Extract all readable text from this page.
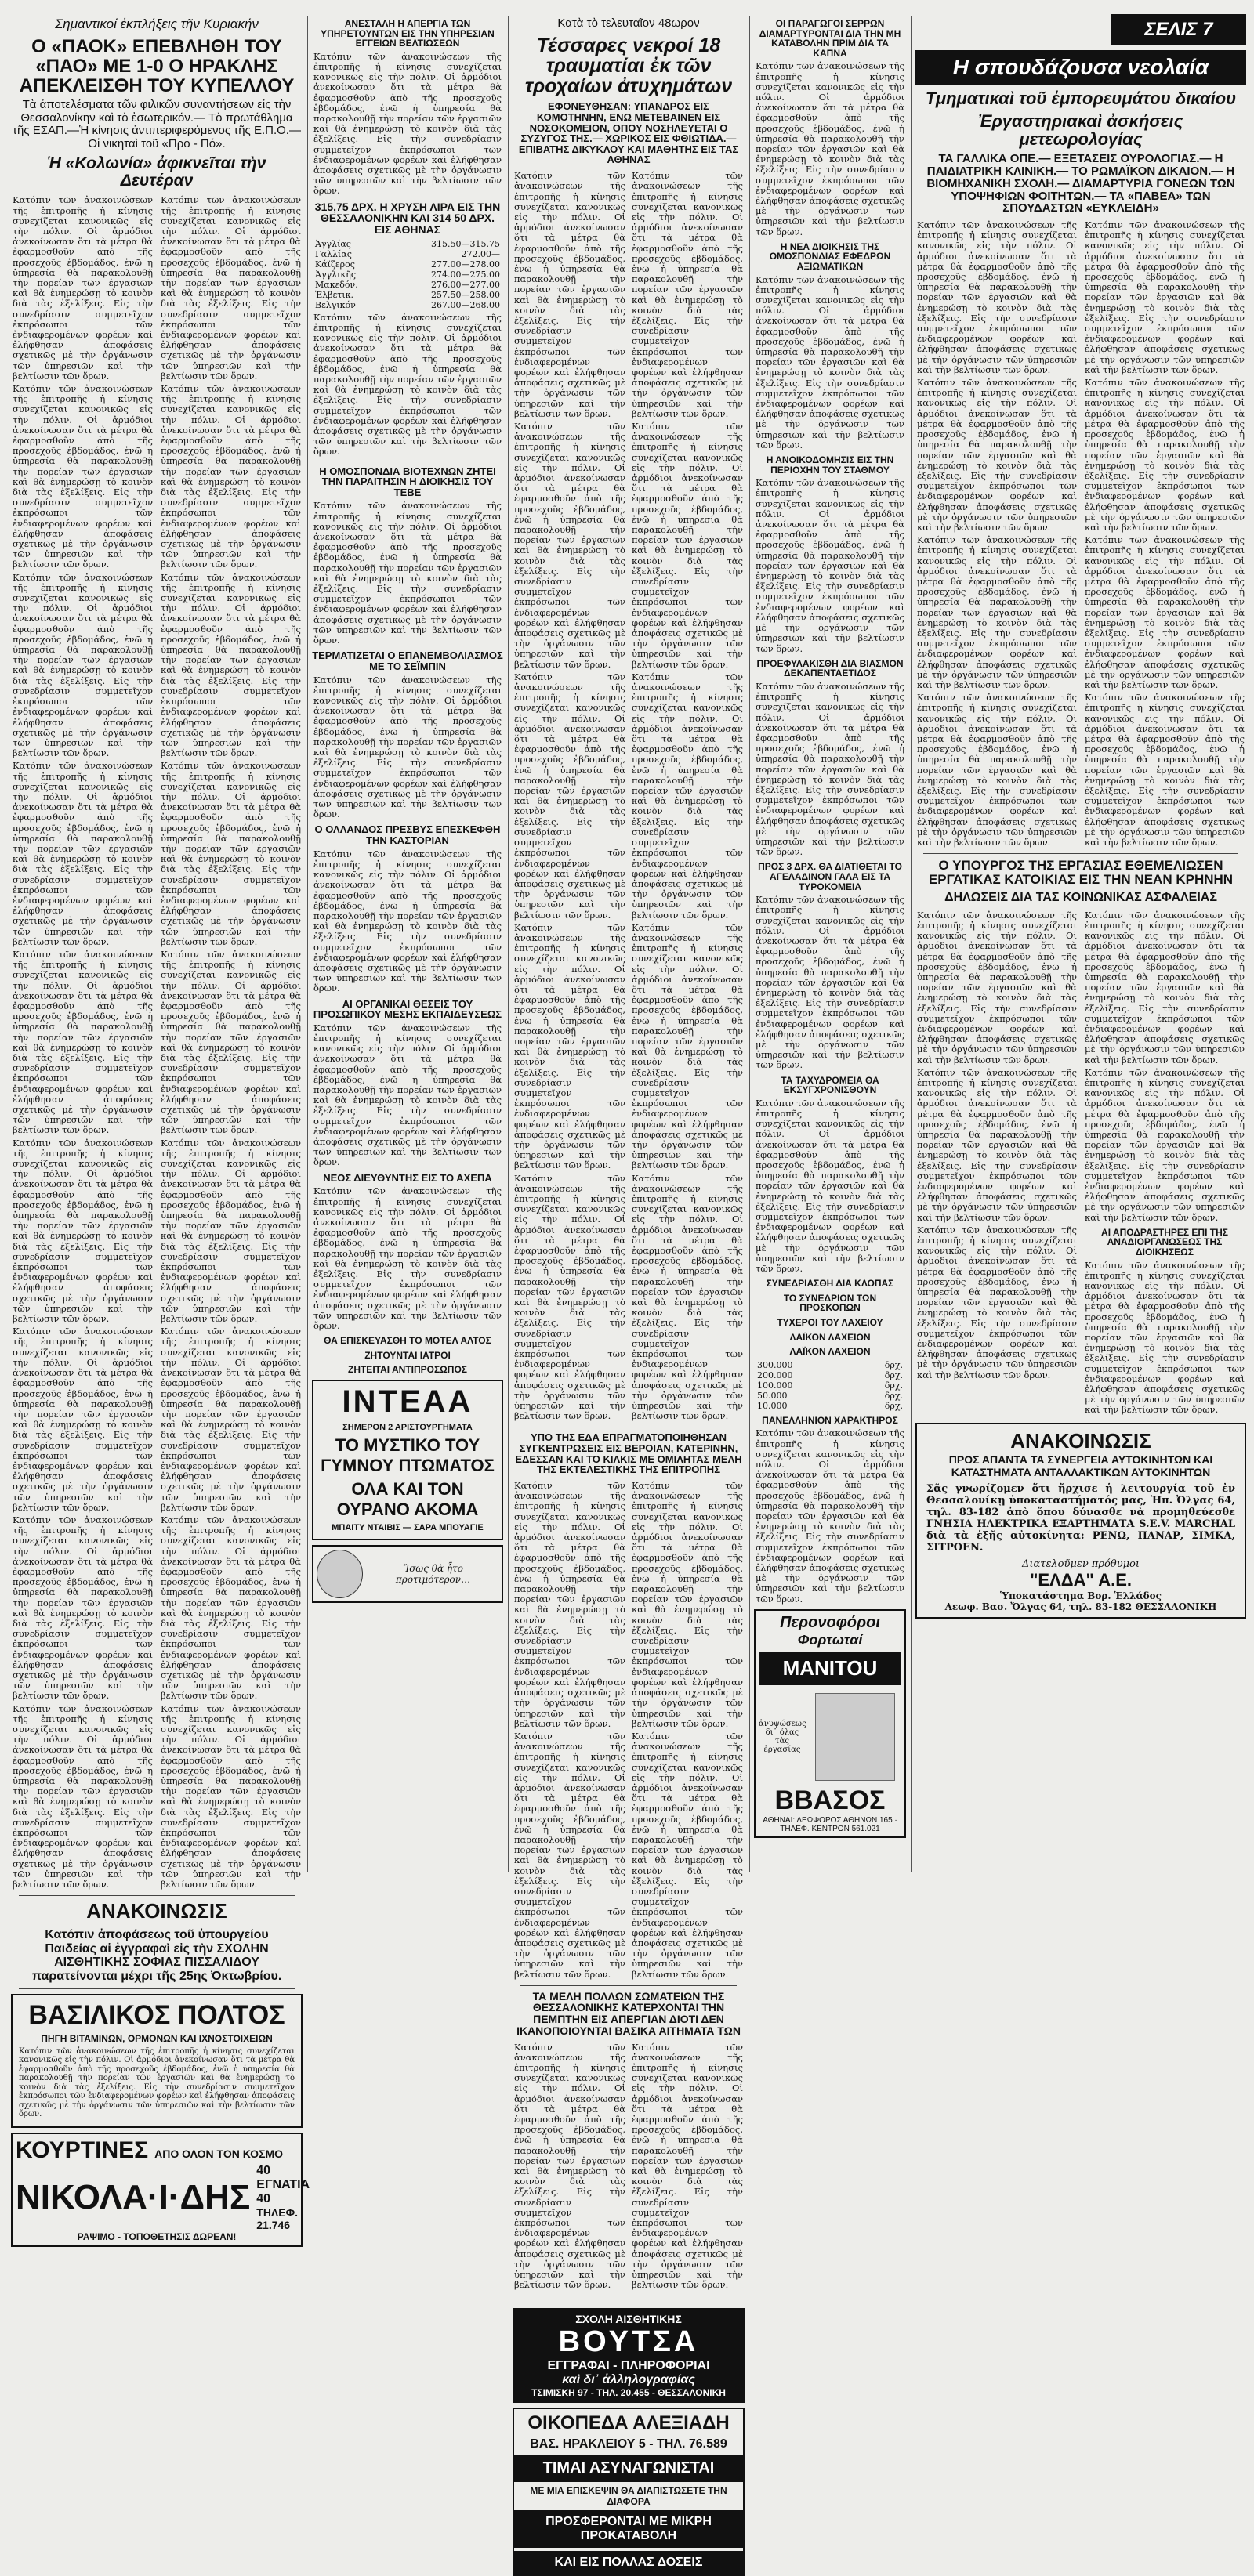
Σημαντικοί ἐκπλήξεις τῆν Κυριακήν
Ο «ΠΑΟΚ» ΕΠΕΒΛΗΘΗ ΤΟΥ «ΠΑΟ» ΜΕ 1-0 Ο ΗΡΑΚΛΗΣ ΑΠΕΚΛΕΙΣΘΗ ΤΟΥ ΚΥΠΕΛΛΟΥ
Τὰ ἀποτελέσματα τῶν φιλικῶν συναντήσεων εἰς τὴν Θεσσαλονίκην καὶ τὸ ἐσωτερικόν.— Τὸ πρωτάθλημα τῆς ΕΣΑΠ.—Ἡ κίνησις ἀντιπεριφερόμενος τῆς Ε.Π.Ο.— Οἱ νικηταὶ τοῦ «Προ - Πό».
Ἡ «Κολωνία» ἀφικνεῖται τὴν Δευτέραν

Κατόπιν τῶν ἀνακοινώσεων τῆς ἐπιτροπῆς ἡ κίνησις συνεχίζεται κανονικῶς εἰς τὴν πόλιν. Οἱ ἀρμόδιοι ἀνεκοίνωσαν ὅτι τὰ μέτρα θὰ ἐφαρμοσθοῦν ἀπὸ τῆς προσεχοῦς ἑβδομάδος, ἐνῶ ἡ ὑπηρεσία θὰ παρακολουθῇ τὴν πορείαν τῶν ἐργασιῶν καὶ θὰ ἐνημερώσῃ τὸ κοινὸν διὰ τὰς ἐξελίξεις. Εἰς τὴν συνεδρίασιν συμμετεῖχον ἐκπρόσωποι τῶν ἐνδιαφερομένων φορέων καὶ ἐλήφθησαν ἀποφάσεις σχετικῶς μὲ τὴν ὀργάνωσιν τῶν ὑπηρεσιῶν καὶ τὴν βελτίωσιν τῶν ὅρων.

Κατόπιν τῶν ἀνακοινώσεων τῆς ἐπιτροπῆς ἡ κίνησις συνεχίζεται κανονικῶς εἰς τὴν πόλιν. Οἱ ἀρμόδιοι ἀνεκοίνωσαν ὅτι τὰ μέτρα θὰ ἐφαρμοσθοῦν ἀπὸ τῆς προσεχοῦς ἑβδομάδος, ἐνῶ ἡ ὑπηρεσία θὰ παρακολουθῇ τὴν πορείαν τῶν ἐργασιῶν καὶ θὰ ἐνημερώσῃ τὸ κοινὸν διὰ τὰς ἐξελίξεις. Εἰς τὴν συνεδρίασιν συμμετεῖχον ἐκπρόσωποι τῶν ἐνδιαφερομένων φορέων καὶ ἐλήφθησαν ἀποφάσεις σχετικῶς μὲ τὴν ὀργάνωσιν τῶν ὑπηρεσιῶν καὶ τὴν βελτίωσιν τῶν ὅρων.

Κατόπιν τῶν ἀνακοινώσεων τῆς ἐπιτροπῆς ἡ κίνησις συνεχίζεται κανονικῶς εἰς τὴν πόλιν. Οἱ ἀρμόδιοι ἀνεκοίνωσαν ὅτι τὰ μέτρα θὰ ἐφαρμοσθοῦν ἀπὸ τῆς προσεχοῦς ἑβδομάδος, ἐνῶ ἡ ὑπηρεσία θὰ παρακολουθῇ τὴν πορείαν τῶν ἐργασιῶν καὶ θὰ ἐνημερώσῃ τὸ κοινὸν διὰ τὰς ἐξελίξεις. Εἰς τὴν συνεδρίασιν συμμετεῖχον ἐκπρόσωποι τῶν ἐνδιαφερομένων φορέων καὶ ἐλήφθησαν ἀποφάσεις σχετικῶς μὲ τὴν ὀργάνωσιν τῶν ὑπηρεσιῶν καὶ τὴν βελτίωσιν τῶν ὅρων.

Κατόπιν τῶν ἀνακοινώσεων τῆς ἐπιτροπῆς ἡ κίνησις συνεχίζεται κανονικῶς εἰς τὴν πόλιν. Οἱ ἀρμόδιοι ἀνεκοίνωσαν ὅτι τὰ μέτρα θὰ ἐφαρμοσθοῦν ἀπὸ τῆς προσεχοῦς ἑβδομάδος, ἐνῶ ἡ ὑπηρεσία θὰ παρακολουθῇ τὴν πορείαν τῶν ἐργασιῶν καὶ θὰ ἐνημερώσῃ τὸ κοινὸν διὰ τὰς ἐξελίξεις. Εἰς τὴν συνεδρίασιν συμμετεῖχον ἐκπρόσωποι τῶν ἐνδιαφερομένων φορέων καὶ ἐλήφθησαν ἀποφάσεις σχετικῶς μὲ τὴν ὀργάνωσιν τῶν ὑπηρεσιῶν καὶ τὴν βελτίωσιν τῶν ὅρων.

Κατόπιν τῶν ἀνακοινώσεων τῆς ἐπιτροπῆς ἡ κίνησις συνεχίζεται κανονικῶς εἰς τὴν πόλιν. Οἱ ἀρμόδιοι ἀνεκοίνωσαν ὅτι τὰ μέτρα θὰ ἐφαρμοσθοῦν ἀπὸ τῆς προσεχοῦς ἑβδομάδος, ἐνῶ ἡ ὑπηρεσία θὰ παρακολουθῇ τὴν πορείαν τῶν ἐργασιῶν καὶ θὰ ἐνημερώσῃ τὸ κοινὸν διὰ τὰς ἐξελίξεις. Εἰς τὴν συνεδρίασιν συμμετεῖχον ἐκπρόσωποι τῶν ἐνδιαφερομένων φορέων καὶ ἐλήφθησαν ἀποφάσεις σχετικῶς μὲ τὴν ὀργάνωσιν τῶν ὑπηρεσιῶν καὶ τὴν βελτίωσιν τῶν ὅρων.

Κατόπιν τῶν ἀνακοινώσεων τῆς ἐπιτροπῆς ἡ κίνησις συνεχίζεται κανονικῶς εἰς τὴν πόλιν. Οἱ ἀρμόδιοι ἀνεκοίνωσαν ὅτι τὰ μέτρα θὰ ἐφαρμοσθοῦν ἀπὸ τῆς προσεχοῦς ἑβδομάδος, ἐνῶ ἡ ὑπηρεσία θὰ παρακολουθῇ τὴν πορείαν τῶν ἐργασιῶν καὶ θὰ ἐνημερώσῃ τὸ κοινὸν διὰ τὰς ἐξελίξεις. Εἰς τὴν συνεδρίασιν συμμετεῖχον ἐκπρόσωποι τῶν ἐνδιαφερομένων φορέων καὶ ἐλήφθησαν ἀποφάσεις σχετικῶς μὲ τὴν ὀργάνωσιν τῶν ὑπηρεσιῶν καὶ τὴν βελτίωσιν τῶν ὅρων.

Κατόπιν τῶν ἀνακοινώσεων τῆς ἐπιτροπῆς ἡ κίνησις συνεχίζεται κανονικῶς εἰς τὴν πόλιν. Οἱ ἀρμόδιοι ἀνεκοίνωσαν ὅτι τὰ μέτρα θὰ ἐφαρμοσθοῦν ἀπὸ τῆς προσεχοῦς ἑβδομάδος, ἐνῶ ἡ ὑπηρεσία θὰ παρακολουθῇ τὴν πορείαν τῶν ἐργασιῶν καὶ θὰ ἐνημερώσῃ τὸ κοινὸν διὰ τὰς ἐξελίξεις. Εἰς τὴν συνεδρίασιν συμμετεῖχον ἐκπρόσωποι τῶν ἐνδιαφερομένων φορέων καὶ ἐλήφθησαν ἀποφάσεις σχετικῶς μὲ τὴν ὀργάνωσιν τῶν ὑπηρεσιῶν καὶ τὴν βελτίωσιν τῶν ὅρων.

Κατόπιν τῶν ἀνακοινώσεων τῆς ἐπιτροπῆς ἡ κίνησις συνεχίζεται κανονικῶς εἰς τὴν πόλιν. Οἱ ἀρμόδιοι ἀνεκοίνωσαν ὅτι τὰ μέτρα θὰ ἐφαρμοσθοῦν ἀπὸ τῆς προσεχοῦς ἑβδομάδος, ἐνῶ ἡ ὑπηρεσία θὰ παρακολουθῇ τὴν πορείαν τῶν ἐργασιῶν καὶ θὰ ἐνημερώσῃ τὸ κοινὸν διὰ τὰς ἐξελίξεις. Εἰς τὴν συνεδρίασιν συμμετεῖχον ἐκπρόσωποι τῶν ἐνδιαφερομένων φορέων καὶ ἐλήφθησαν ἀποφάσεις σχετικῶς μὲ τὴν ὀργάνωσιν τῶν ὑπηρεσιῶν καὶ τὴν βελτίωσιν τῶν ὅρων.

Κατόπιν τῶν ἀνακοινώσεων τῆς ἐπιτροπῆς ἡ κίνησις συνεχίζεται κανονικῶς εἰς τὴν πόλιν. Οἱ ἀρμόδιοι ἀνεκοίνωσαν ὅτι τὰ μέτρα θὰ ἐφαρμοσθοῦν ἀπὸ τῆς προσεχοῦς ἑβδομάδος, ἐνῶ ἡ ὑπηρεσία θὰ παρακολουθῇ τὴν πορείαν τῶν ἐργασιῶν καὶ θὰ ἐνημερώσῃ τὸ κοινὸν διὰ τὰς ἐξελίξεις. Εἰς τὴν συνεδρίασιν συμμετεῖχον ἐκπρόσωποι τῶν ἐνδιαφερομένων φορέων καὶ ἐλήφθησαν ἀποφάσεις σχετικῶς μὲ τὴν ὀργάνωσιν τῶν ὑπηρεσιῶν καὶ τὴν βελτίωσιν τῶν ὅρων.

Κατόπιν τῶν ἀνακοινώσεων τῆς ἐπιτροπῆς ἡ κίνησις συνεχίζεται κανονικῶς εἰς τὴν πόλιν. Οἱ ἀρμόδιοι ἀνεκοίνωσαν ὅτι τὰ μέτρα θὰ ἐφαρμοσθοῦν ἀπὸ τῆς προσεχοῦς ἑβδομάδος, ἐνῶ ἡ ὑπηρεσία θὰ παρακολουθῇ τὴν πορείαν τῶν ἐργασιῶν καὶ θὰ ἐνημερώσῃ τὸ κοινὸν διὰ τὰς ἐξελίξεις. Εἰς τὴν συνεδρίασιν συμμετεῖχον ἐκπρόσωποι τῶν ἐνδιαφερομένων φορέων καὶ ἐλήφθησαν ἀποφάσεις σχετικῶς μὲ τὴν ὀργάνωσιν τῶν ὑπηρεσιῶν καὶ τὴν βελτίωσιν τῶν ὅρων.

Κατόπιν τῶν ἀνακοινώσεων τῆς ἐπιτροπῆς ἡ κίνησις συνεχίζεται κανονικῶς εἰς τὴν πόλιν. Οἱ ἀρμόδιοι ἀνεκοίνωσαν ὅτι τὰ μέτρα θὰ ἐφαρμοσθοῦν ἀπὸ τῆς προσεχοῦς ἑβδομάδος, ἐνῶ ἡ ὑπηρεσία θὰ παρακολουθῇ τὴν πορείαν τῶν ἐργασιῶν καὶ θὰ ἐνημερώσῃ τὸ κοινὸν διὰ τὰς ἐξελίξεις. Εἰς τὴν συνεδρίασιν συμμετεῖχον ἐκπρόσωποι τῶν ἐνδιαφερομένων φορέων καὶ ἐλήφθησαν ἀποφάσεις σχετικῶς μὲ τὴν ὀργάνωσιν τῶν ὑπηρεσιῶν καὶ τὴν βελτίωσιν τῶν ὅρων.

Κατόπιν τῶν ἀνακοινώσεων τῆς ἐπιτροπῆς ἡ κίνησις συνεχίζεται κανονικῶς εἰς τὴν πόλιν. Οἱ ἀρμόδιοι ἀνεκοίνωσαν ὅτι τὰ μέτρα θὰ ἐφαρμοσθοῦν ἀπὸ τῆς προσεχοῦς ἑβδομάδος, ἐνῶ ἡ ὑπηρεσία θὰ παρακολουθῇ τὴν πορείαν τῶν ἐργασιῶν καὶ θὰ ἐνημερώσῃ τὸ κοινὸν διὰ τὰς ἐξελίξεις. Εἰς τὴν συνεδρίασιν συμμετεῖχον ἐκπρόσωποι τῶν ἐνδιαφερομένων φορέων καὶ ἐλήφθησαν ἀποφάσεις σχετικῶς μὲ τὴν ὀργάνωσιν τῶν ὑπηρεσιῶν καὶ τὴν βελτίωσιν τῶν ὅρων.

Κατόπιν τῶν ἀνακοινώσεων τῆς ἐπιτροπῆς ἡ κίνησις συνεχίζεται κανονικῶς εἰς τὴν πόλιν. Οἱ ἀρμόδιοι ἀνεκοίνωσαν ὅτι τὰ μέτρα θὰ ἐφαρμοσθοῦν ἀπὸ τῆς προσεχοῦς ἑβδομάδος, ἐνῶ ἡ ὑπηρεσία θὰ παρακολουθῇ τὴν πορείαν τῶν ἐργασιῶν καὶ θὰ ἐνημερώσῃ τὸ κοινὸν διὰ τὰς ἐξελίξεις. Εἰς τὴν συνεδρίασιν συμμετεῖχον ἐκπρόσωποι τῶν ἐνδιαφερομένων φορέων καὶ ἐλήφθησαν ἀποφάσεις σχετικῶς μὲ τὴν ὀργάνωσιν τῶν ὑπηρεσιῶν καὶ τὴν βελτίωσιν τῶν ὅρων.

Κατόπιν τῶν ἀνακοινώσεων τῆς ἐπιτροπῆς ἡ κίνησις συνεχίζεται κανονικῶς εἰς τὴν πόλιν. Οἱ ἀρμόδιοι ἀνεκοίνωσαν ὅτι τὰ μέτρα θὰ ἐφαρμοσθοῦν ἀπὸ τῆς προσεχοῦς ἑβδομάδος, ἐνῶ ἡ ὑπηρεσία θὰ παρακολουθῇ τὴν πορείαν τῶν ἐργασιῶν καὶ θὰ ἐνημερώσῃ τὸ κοινὸν διὰ τὰς ἐξελίξεις. Εἰς τὴν συνεδρίασιν συμμετεῖχον ἐκπρόσωποι τῶν ἐνδιαφερομένων φορέων καὶ ἐλήφθησαν ἀποφάσεις σχετικῶς μὲ τὴν ὀργάνωσιν τῶν ὑπηρεσιῶν καὶ τὴν βελτίωσιν τῶν ὅρων.

Κατόπιν τῶν ἀνακοινώσεων τῆς ἐπιτροπῆς ἡ κίνησις συνεχίζεται κανονικῶς εἰς τὴν πόλιν. Οἱ ἀρμόδιοι ἀνεκοίνωσαν ὅτι τὰ μέτρα θὰ ἐφαρμοσθοῦν ἀπὸ τῆς προσεχοῦς ἑβδομάδος, ἐνῶ ἡ ὑπηρεσία θὰ παρακολουθῇ τὴν πορείαν τῶν ἐργασιῶν καὶ θὰ ἐνημερώσῃ τὸ κοινὸν διὰ τὰς ἐξελίξεις. Εἰς τὴν συνεδρίασιν συμμετεῖχον ἐκπρόσωποι τῶν ἐνδιαφερομένων φορέων καὶ ἐλήφθησαν ἀποφάσεις σχετικῶς μὲ τὴν ὀργάνωσιν τῶν ὑπηρεσιῶν καὶ τὴν βελτίωσιν τῶν ὅρων.

Κατόπιν τῶν ἀνακοινώσεων τῆς ἐπιτροπῆς ἡ κίνησις συνεχίζεται κανονικῶς εἰς τὴν πόλιν. Οἱ ἀρμόδιοι ἀνεκοίνωσαν ὅτι τὰ μέτρα θὰ ἐφαρμοσθοῦν ἀπὸ τῆς προσεχοῦς ἑβδομάδος, ἐνῶ ἡ ὑπηρεσία θὰ παρακολουθῇ τὴν πορείαν τῶν ἐργασιῶν καὶ θὰ ἐνημερώσῃ τὸ κοινὸν διὰ τὰς ἐξελίξεις. Εἰς τὴν συνεδρίασιν συμμετεῖχον ἐκπρόσωποι τῶν ἐνδιαφερομένων φορέων καὶ ἐλήφθησαν ἀποφάσεις σχετικῶς μὲ τὴν ὀργάνωσιν τῶν ὑπηρεσιῶν καὶ τὴν βελτίωσιν τῶν ὅρων.

Κατόπιν τῶν ἀνακοινώσεων τῆς ἐπιτροπῆς ἡ κίνησις συνεχίζεται κανονικῶς εἰς τὴν πόλιν. Οἱ ἀρμόδιοι ἀνεκοίνωσαν ὅτι τὰ μέτρα θὰ ἐφαρμοσθοῦν ἀπὸ τῆς προσεχοῦς ἑβδομάδος, ἐνῶ ἡ ὑπηρεσία θὰ παρακολουθῇ τὴν πορείαν τῶν ἐργασιῶν καὶ θὰ ἐνημερώσῃ τὸ κοινὸν διὰ τὰς ἐξελίξεις. Εἰς τὴν συνεδρίασιν συμμετεῖχον ἐκπρόσωποι τῶν ἐνδιαφερομένων φορέων καὶ ἐλήφθησαν ἀποφάσεις σχετικῶς μὲ τὴν ὀργάνωσιν τῶν ὑπηρεσιῶν καὶ τὴν βελτίωσιν τῶν ὅρων.

Κατόπιν τῶν ἀνακοινώσεων τῆς ἐπιτροπῆς ἡ κίνησις συνεχίζεται κανονικῶς εἰς τὴν πόλιν. Οἱ ἀρμόδιοι ἀνεκοίνωσαν ὅτι τὰ μέτρα θὰ ἐφαρμοσθοῦν ἀπὸ τῆς προσεχοῦς ἑβδομάδος, ἐνῶ ἡ ὑπηρεσία θὰ παρακολουθῇ τὴν πορείαν τῶν ἐργασιῶν καὶ θὰ ἐνημερώσῃ τὸ κοινὸν διὰ τὰς ἐξελίξεις. Εἰς τὴν συνεδρίασιν συμμετεῖχον ἐκπρόσωποι τῶν ἐνδιαφερομένων φορέων καὶ ἐλήφθησαν ἀποφάσεις σχετικῶς μὲ τὴν ὀργάνωσιν τῶν ὑπηρεσιῶν καὶ τὴν βελτίωσιν τῶν ὅρων.

ΑΝΑΚΟΙΝΩΣΙΣ
Κατόπιν ἀποφάσεως τοῦ ὑπουργείου Παιδείας αἱ ἐγγραφαὶ εἰς τὴν ΣΧΟΛΗΝ ΑΙΣΘΗΤΙΚΗΣ ΣΟΦΙΑΣ ΠΙΣΣΑΛΙΔΟΥ παρατείνονται μέχρι τῆς 25ης Ὀκτωβρίου.
ΒΑΣΙΛΙΚΟΣ ΠΟΛΤΟΣ
ΠΗΓΗ ΒΙΤΑΜΙΝΩΝ, ΟΡΜΟΝΩΝ ΚΑΙ ΙΧΝΟΣΤΟΙΧΕΙΩΝ

Κατόπιν τῶν ἀνακοινώσεων τῆς ἐπιτροπῆς ἡ κίνησις συνεχίζεται κανονικῶς εἰς τὴν πόλιν. Οἱ ἀρμόδιοι ἀνεκοίνωσαν ὅτι τὰ μέτρα θὰ ἐφαρμοσθοῦν ἀπὸ τῆς προσεχοῦς ἑβδομάδος, ἐνῶ ἡ ὑπηρεσία θὰ παρακολουθῇ τὴν πορείαν τῶν ἐργασιῶν καὶ θὰ ἐνημερώσῃ τὸ κοινὸν διὰ τὰς ἐξελίξεις. Εἰς τὴν συνεδρίασιν συμμετεῖχον ἐκπρόσωποι τῶν ἐνδιαφερομένων φορέων καὶ ἐλήφθησαν ἀποφάσεις σχετικῶς μὲ τὴν ὀργάνωσιν τῶν ὑπηρεσιῶν καὶ τὴν βελτίωσιν τῶν ὅρων.

ΚΟΥΡΤΙΝΕΣ ΑΠΟ ΟΛΟΝ ΤΟΝ ΚΟΣΜΟ
ΝΙΚΟΛΑ·Ι·ΔΗΣ
40 ΕΓΝΑΤΙΑ 40
ΤΗΛΕΦ. 21.746
ΡΑΨΙΜΟ - ΤΟΠΟΘΕΤΗΣΙΣ ΔΩΡΕΑΝ!
ΑΝΕΣΤΑΛΗ Η ΑΠΕΡΓΙΑ ΤΩΝ ΥΠΗΡΕΤΟΥΝΤΩΝ ΕΙΣ ΤΗΝ ΥΠΗΡΕΣΙΑΝ ΕΓΓΕΙΩΝ ΒΕΛΤΙΩΣΕΩΝ

Κατόπιν τῶν ἀνακοινώσεων τῆς ἐπιτροπῆς ἡ κίνησις συνεχίζεται κανονικῶς εἰς τὴν πόλιν. Οἱ ἀρμόδιοι ἀνεκοίνωσαν ὅτι τὰ μέτρα θὰ ἐφαρμοσθοῦν ἀπὸ τῆς προσεχοῦς ἑβδομάδος, ἐνῶ ἡ ὑπηρεσία θὰ παρακολουθῇ τὴν πορείαν τῶν ἐργασιῶν καὶ θὰ ἐνημερώσῃ τὸ κοινὸν διὰ τὰς ἐξελίξεις. Εἰς τὴν συνεδρίασιν συμμετεῖχον ἐκπρόσωποι τῶν ἐνδιαφερομένων φορέων καὶ ἐλήφθησαν ἀποφάσεις σχετικῶς μὲ τὴν ὀργάνωσιν τῶν ὑπηρεσιῶν καὶ τὴν βελτίωσιν τῶν ὅρων.

315,75 ΔΡΧ. Η ΧΡΥΣΗ ΛΙΡΑ ΕΙΣ ΤΗΝ ΘΕΣΣΑΛΟΝΙΚΗΝ ΚΑΙ 314 50 ΔΡΧ. ΕΙΣ ΑΘΗΝΑΣ
Ἀγγλίας	315.50—315.75
Γαλλίας	272.00—
Κάϊζερος	277.00—278.00
Ἀγγλικῆς	274.00—275.00
Μακεδόν.	276.00—277.00
Ἑλβετικ.	257.50—258.00
Βελγικόν	267.00—268.00

Κατόπιν τῶν ἀνακοινώσεων τῆς ἐπιτροπῆς ἡ κίνησις συνεχίζεται κανονικῶς εἰς τὴν πόλιν. Οἱ ἀρμόδιοι ἀνεκοίνωσαν ὅτι τὰ μέτρα θὰ ἐφαρμοσθοῦν ἀπὸ τῆς προσεχοῦς ἑβδομάδος, ἐνῶ ἡ ὑπηρεσία θὰ παρακολουθῇ τὴν πορείαν τῶν ἐργασιῶν καὶ θὰ ἐνημερώσῃ τὸ κοινὸν διὰ τὰς ἐξελίξεις. Εἰς τὴν συνεδρίασιν συμμετεῖχον ἐκπρόσωποι τῶν ἐνδιαφερομένων φορέων καὶ ἐλήφθησαν ἀποφάσεις σχετικῶς μὲ τὴν ὀργάνωσιν τῶν ὑπηρεσιῶν καὶ τὴν βελτίωσιν τῶν ὅρων.

Η ΟΜΟΣΠΟΝΔΙΑ ΒΙΟΤΕΧΝΩΝ ΖΗΤΕΙ ΤΗΝ ΠΑΡΑΙΤΗΣΙΝ Η ΔΙΟΙΚΗΣΙΣ ΤΟΥ ΤΕΒΕ

Κατόπιν τῶν ἀνακοινώσεων τῆς ἐπιτροπῆς ἡ κίνησις συνεχίζεται κανονικῶς εἰς τὴν πόλιν. Οἱ ἀρμόδιοι ἀνεκοίνωσαν ὅτι τὰ μέτρα θὰ ἐφαρμοσθοῦν ἀπὸ τῆς προσεχοῦς ἑβδομάδος, ἐνῶ ἡ ὑπηρεσία θὰ παρακολουθῇ τὴν πορείαν τῶν ἐργασιῶν καὶ θὰ ἐνημερώσῃ τὸ κοινὸν διὰ τὰς ἐξελίξεις. Εἰς τὴν συνεδρίασιν συμμετεῖχον ἐκπρόσωποι τῶν ἐνδιαφερομένων φορέων καὶ ἐλήφθησαν ἀποφάσεις σχετικῶς μὲ τὴν ὀργάνωσιν τῶν ὑπηρεσιῶν καὶ τὴν βελτίωσιν τῶν ὅρων.

ΤΕΡΜΑΤΙΖΕΤΑΙ Ο ΕΠΑΝΕΜΒΟΛΙΑΣΜΟΣ ΜΕ ΤΟ ΣΕΪΜΠΙΝ

Κατόπιν τῶν ἀνακοινώσεων τῆς ἐπιτροπῆς ἡ κίνησις συνεχίζεται κανονικῶς εἰς τὴν πόλιν. Οἱ ἀρμόδιοι ἀνεκοίνωσαν ὅτι τὰ μέτρα θὰ ἐφαρμοσθοῦν ἀπὸ τῆς προσεχοῦς ἑβδομάδος, ἐνῶ ἡ ὑπηρεσία θὰ παρακολουθῇ τὴν πορείαν τῶν ἐργασιῶν καὶ θὰ ἐνημερώσῃ τὸ κοινὸν διὰ τὰς ἐξελίξεις. Εἰς τὴν συνεδρίασιν συμμετεῖχον ἐκπρόσωποι τῶν ἐνδιαφερομένων φορέων καὶ ἐλήφθησαν ἀποφάσεις σχετικῶς μὲ τὴν ὀργάνωσιν τῶν ὑπηρεσιῶν καὶ τὴν βελτίωσιν τῶν ὅρων.

Ο ΟΛΛΑΝΔΟΣ ΠΡΕΣΒΥΣ ΕΠΕΣΚΕΦΘΗ ΤΗΝ ΚΑΣΤΟΡΙΑΝ

Κατόπιν τῶν ἀνακοινώσεων τῆς ἐπιτροπῆς ἡ κίνησις συνεχίζεται κανονικῶς εἰς τὴν πόλιν. Οἱ ἀρμόδιοι ἀνεκοίνωσαν ὅτι τὰ μέτρα θὰ ἐφαρμοσθοῦν ἀπὸ τῆς προσεχοῦς ἑβδομάδος, ἐνῶ ἡ ὑπηρεσία θὰ παρακολουθῇ τὴν πορείαν τῶν ἐργασιῶν καὶ θὰ ἐνημερώσῃ τὸ κοινὸν διὰ τὰς ἐξελίξεις. Εἰς τὴν συνεδρίασιν συμμετεῖχον ἐκπρόσωποι τῶν ἐνδιαφερομένων φορέων καὶ ἐλήφθησαν ἀποφάσεις σχετικῶς μὲ τὴν ὀργάνωσιν τῶν ὑπηρεσιῶν καὶ τὴν βελτίωσιν τῶν ὅρων.

ΑΙ ΟΡΓΑΝΙΚΑΙ ΘΕΣΕΙΣ ΤΟΥ ΠΡΟΣΩΠΙΚΟΥ ΜΕΣΗΣ ΕΚΠΑΙΔΕΥΣΕΩΣ

Κατόπιν τῶν ἀνακοινώσεων τῆς ἐπιτροπῆς ἡ κίνησις συνεχίζεται κανονικῶς εἰς τὴν πόλιν. Οἱ ἀρμόδιοι ἀνεκοίνωσαν ὅτι τὰ μέτρα θὰ ἐφαρμοσθοῦν ἀπὸ τῆς προσεχοῦς ἑβδομάδος, ἐνῶ ἡ ὑπηρεσία θὰ παρακολουθῇ τὴν πορείαν τῶν ἐργασιῶν καὶ θὰ ἐνημερώσῃ τὸ κοινὸν διὰ τὰς ἐξελίξεις. Εἰς τὴν συνεδρίασιν συμμετεῖχον ἐκπρόσωποι τῶν ἐνδιαφερομένων φορέων καὶ ἐλήφθησαν ἀποφάσεις σχετικῶς μὲ τὴν ὀργάνωσιν τῶν ὑπηρεσιῶν καὶ τὴν βελτίωσιν τῶν ὅρων.

ΝΕΟΣ ΔΙΕΥΘΥΝΤΗΣ ΕΙΣ ΤΟ ΑΧΕΠΑ

Κατόπιν τῶν ἀνακοινώσεων τῆς ἐπιτροπῆς ἡ κίνησις συνεχίζεται κανονικῶς εἰς τὴν πόλιν. Οἱ ἀρμόδιοι ἀνεκοίνωσαν ὅτι τὰ μέτρα θὰ ἐφαρμοσθοῦν ἀπὸ τῆς προσεχοῦς ἑβδομάδος, ἐνῶ ἡ ὑπηρεσία θὰ παρακολουθῇ τὴν πορείαν τῶν ἐργασιῶν καὶ θὰ ἐνημερώσῃ τὸ κοινὸν διὰ τὰς ἐξελίξεις. Εἰς τὴν συνεδρίασιν συμμετεῖχον ἐκπρόσωποι τῶν ἐνδιαφερομένων φορέων καὶ ἐλήφθησαν ἀποφάσεις σχετικῶς μὲ τὴν ὀργάνωσιν τῶν ὑπηρεσιῶν καὶ τὴν βελτίωσιν τῶν ὅρων.

ΘΑ ΕΠΙΣΚΕΥΑΣΘΗ ΤΟ ΜΟΤΕΛ ΑΛΤΟΣ
ΖΗΤΟΥΝΤΑΙ ΙΑΤΡΟΙ
ΖΗΤΕΙΤΑΙ ΑΝΤΙΠΡΟΣΩΠΟΣ
INTEAA
ΣΗΜΕΡΟΝ 2 ΑΡΙΣΤΟΥΡΓΗΜΑΤΑ
ΤΟ ΜΥΣΤΙΚΟ ΤΟΥ ΓΥΜΝΟΥ ΠΤΩΜΑΤΟΣ
ΟΛΑ ΚΑΙ ΤΟΝ ΟΥΡΑΝΟ ΑΚΟΜΑ
ΜΠΑΙΤΥ ΝΤΑΙΒΙΣ — ΣΑΡΑ ΜΠΟΥΑΓΙΕ
Ἴσως θὰ ἦτο προτιμότερον…
Κατὰ τὸ τελευταῖον 48ωρον
Τέσσαρες νεκροί 18 τραυματίαι ἐκ τῶν τροχαίων ἀτυχημάτων
ΕΦΟΝΕΥΘΗΣΑΝ: ΥΠΑΝΔΡΟΣ ΕΙΣ ΚΟΜΟΤΗΝΗΝ, ΕΝΩ ΜΕΤΕΒΑΙΝΕΝ ΕΙΣ ΝΟΣΟΚΟΜΕΙΟΝ, ΟΠΟΥ ΝΟΣΗΛΕΥΕΤΑΙ Ο ΣΥΖΥΓΟΣ ΤΗΣ.— ΧΩΡΙΚΟΣ ΕΙΣ ΦΘΙΩΤΙΔΑ.— ΕΠΙΒΑΤΗΣ ΔΙΚΥΚΛΟΥ ΚΑΙ ΜΑΘΗΤΗΣ ΕΙΣ ΤΑΣ ΑΘΗΝΑΣ

Κατόπιν τῶν ἀνακοινώσεων τῆς ἐπιτροπῆς ἡ κίνησις συνεχίζεται κανονικῶς εἰς τὴν πόλιν. Οἱ ἀρμόδιοι ἀνεκοίνωσαν ὅτι τὰ μέτρα θὰ ἐφαρμοσθοῦν ἀπὸ τῆς προσεχοῦς ἑβδομάδος, ἐνῶ ἡ ὑπηρεσία θὰ παρακολουθῇ τὴν πορείαν τῶν ἐργασιῶν καὶ θὰ ἐνημερώσῃ τὸ κοινὸν διὰ τὰς ἐξελίξεις. Εἰς τὴν συνεδρίασιν συμμετεῖχον ἐκπρόσωποι τῶν ἐνδιαφερομένων φορέων καὶ ἐλήφθησαν ἀποφάσεις σχετικῶς μὲ τὴν ὀργάνωσιν τῶν ὑπηρεσιῶν καὶ τὴν βελτίωσιν τῶν ὅρων.

Κατόπιν τῶν ἀνακοινώσεων τῆς ἐπιτροπῆς ἡ κίνησις συνεχίζεται κανονικῶς εἰς τὴν πόλιν. Οἱ ἀρμόδιοι ἀνεκοίνωσαν ὅτι τὰ μέτρα θὰ ἐφαρμοσθοῦν ἀπὸ τῆς προσεχοῦς ἑβδομάδος, ἐνῶ ἡ ὑπηρεσία θὰ παρακολουθῇ τὴν πορείαν τῶν ἐργασιῶν καὶ θὰ ἐνημερώσῃ τὸ κοινὸν διὰ τὰς ἐξελίξεις. Εἰς τὴν συνεδρίασιν συμμετεῖχον ἐκπρόσωποι τῶν ἐνδιαφερομένων φορέων καὶ ἐλήφθησαν ἀποφάσεις σχετικῶς μὲ τὴν ὀργάνωσιν τῶν ὑπηρεσιῶν καὶ τὴν βελτίωσιν τῶν ὅρων.

Κατόπιν τῶν ἀνακοινώσεων τῆς ἐπιτροπῆς ἡ κίνησις συνεχίζεται κανονικῶς εἰς τὴν πόλιν. Οἱ ἀρμόδιοι ἀνεκοίνωσαν ὅτι τὰ μέτρα θὰ ἐφαρμοσθοῦν ἀπὸ τῆς προσεχοῦς ἑβδομάδος, ἐνῶ ἡ ὑπηρεσία θὰ παρακολουθῇ τὴν πορείαν τῶν ἐργασιῶν καὶ θὰ ἐνημερώσῃ τὸ κοινὸν διὰ τὰς ἐξελίξεις. Εἰς τὴν συνεδρίασιν συμμετεῖχον ἐκπρόσωποι τῶν ἐνδιαφερομένων φορέων καὶ ἐλήφθησαν ἀποφάσεις σχετικῶς μὲ τὴν ὀργάνωσιν τῶν ὑπηρεσιῶν καὶ τὴν βελτίωσιν τῶν ὅρων.

Κατόπιν τῶν ἀνακοινώσεων τῆς ἐπιτροπῆς ἡ κίνησις συνεχίζεται κανονικῶς εἰς τὴν πόλιν. Οἱ ἀρμόδιοι ἀνεκοίνωσαν ὅτι τὰ μέτρα θὰ ἐφαρμοσθοῦν ἀπὸ τῆς προσεχοῦς ἑβδομάδος, ἐνῶ ἡ ὑπηρεσία θὰ παρακολουθῇ τὴν πορείαν τῶν ἐργασιῶν καὶ θὰ ἐνημερώσῃ τὸ κοινὸν διὰ τὰς ἐξελίξεις. Εἰς τὴν συνεδρίασιν συμμετεῖχον ἐκπρόσωποι τῶν ἐνδιαφερομένων φορέων καὶ ἐλήφθησαν ἀποφάσεις σχετικῶς μὲ τὴν ὀργάνωσιν τῶν ὑπηρεσιῶν καὶ τὴν βελτίωσιν τῶν ὅρων.

Κατόπιν τῶν ἀνακοινώσεων τῆς ἐπιτροπῆς ἡ κίνησις συνεχίζεται κανονικῶς εἰς τὴν πόλιν. Οἱ ἀρμόδιοι ἀνεκοίνωσαν ὅτι τὰ μέτρα θὰ ἐφαρμοσθοῦν ἀπὸ τῆς προσεχοῦς ἑβδομάδος, ἐνῶ ἡ ὑπηρεσία θὰ παρακολουθῇ τὴν πορείαν τῶν ἐργασιῶν καὶ θὰ ἐνημερώσῃ τὸ κοινὸν διὰ τὰς ἐξελίξεις. Εἰς τὴν συνεδρίασιν συμμετεῖχον ἐκπρόσωποι τῶν ἐνδιαφερομένων φορέων καὶ ἐλήφθησαν ἀποφάσεις σχετικῶς μὲ τὴν ὀργάνωσιν τῶν ὑπηρεσιῶν καὶ τὴν βελτίωσιν τῶν ὅρων.

Κατόπιν τῶν ἀνακοινώσεων τῆς ἐπιτροπῆς ἡ κίνησις συνεχίζεται κανονικῶς εἰς τὴν πόλιν. Οἱ ἀρμόδιοι ἀνεκοίνωσαν ὅτι τὰ μέτρα θὰ ἐφαρμοσθοῦν ἀπὸ τῆς προσεχοῦς ἑβδομάδος, ἐνῶ ἡ ὑπηρεσία θὰ παρακολουθῇ τὴν πορείαν τῶν ἐργασιῶν καὶ θὰ ἐνημερώσῃ τὸ κοινὸν διὰ τὰς ἐξελίξεις. Εἰς τὴν συνεδρίασιν συμμετεῖχον ἐκπρόσωποι τῶν ἐνδιαφερομένων φορέων καὶ ἐλήφθησαν ἀποφάσεις σχετικῶς μὲ τὴν ὀργάνωσιν τῶν ὑπηρεσιῶν καὶ τὴν βελτίωσιν τῶν ὅρων.

Κατόπιν τῶν ἀνακοινώσεων τῆς ἐπιτροπῆς ἡ κίνησις συνεχίζεται κανονικῶς εἰς τὴν πόλιν. Οἱ ἀρμόδιοι ἀνεκοίνωσαν ὅτι τὰ μέτρα θὰ ἐφαρμοσθοῦν ἀπὸ τῆς προσεχοῦς ἑβδομάδος, ἐνῶ ἡ ὑπηρεσία θὰ παρακολουθῇ τὴν πορείαν τῶν ἐργασιῶν καὶ θὰ ἐνημερώσῃ τὸ κοινὸν διὰ τὰς ἐξελίξεις. Εἰς τὴν συνεδρίασιν συμμετεῖχον ἐκπρόσωποι τῶν ἐνδιαφερομένων φορέων καὶ ἐλήφθησαν ἀποφάσεις σχετικῶς μὲ τὴν ὀργάνωσιν τῶν ὑπηρεσιῶν καὶ τὴν βελτίωσιν τῶν ὅρων.

Κατόπιν τῶν ἀνακοινώσεων τῆς ἐπιτροπῆς ἡ κίνησις συνεχίζεται κανονικῶς εἰς τὴν πόλιν. Οἱ ἀρμόδιοι ἀνεκοίνωσαν ὅτι τὰ μέτρα θὰ ἐφαρμοσθοῦν ἀπὸ τῆς προσεχοῦς ἑβδομάδος, ἐνῶ ἡ ὑπηρεσία θὰ παρακολουθῇ τὴν πορείαν τῶν ἐργασιῶν καὶ θὰ ἐνημερώσῃ τὸ κοινὸν διὰ τὰς ἐξελίξεις. Εἰς τὴν συνεδρίασιν συμμετεῖχον ἐκπρόσωποι τῶν ἐνδιαφερομένων φορέων καὶ ἐλήφθησαν ἀποφάσεις σχετικῶς μὲ τὴν ὀργάνωσιν τῶν ὑπηρεσιῶν καὶ τὴν βελτίωσιν τῶν ὅρων.

Κατόπιν τῶν ἀνακοινώσεων τῆς ἐπιτροπῆς ἡ κίνησις συνεχίζεται κανονικῶς εἰς τὴν πόλιν. Οἱ ἀρμόδιοι ἀνεκοίνωσαν ὅτι τὰ μέτρα θὰ ἐφαρμοσθοῦν ἀπὸ τῆς προσεχοῦς ἑβδομάδος, ἐνῶ ἡ ὑπηρεσία θὰ παρακολουθῇ τὴν πορείαν τῶν ἐργασιῶν καὶ θὰ ἐνημερώσῃ τὸ κοινὸν διὰ τὰς ἐξελίξεις. Εἰς τὴν συνεδρίασιν συμμετεῖχον ἐκπρόσωποι τῶν ἐνδιαφερομένων φορέων καὶ ἐλήφθησαν ἀποφάσεις σχετικῶς μὲ τὴν ὀργάνωσιν τῶν ὑπηρεσιῶν καὶ τὴν βελτίωσιν τῶν ὅρων.

Κατόπιν τῶν ἀνακοινώσεων τῆς ἐπιτροπῆς ἡ κίνησις συνεχίζεται κανονικῶς εἰς τὴν πόλιν. Οἱ ἀρμόδιοι ἀνεκοίνωσαν ὅτι τὰ μέτρα θὰ ἐφαρμοσθοῦν ἀπὸ τῆς προσεχοῦς ἑβδομάδος, ἐνῶ ἡ ὑπηρεσία θὰ παρακολουθῇ τὴν πορείαν τῶν ἐργασιῶν καὶ θὰ ἐνημερώσῃ τὸ κοινὸν διὰ τὰς ἐξελίξεις. Εἰς τὴν συνεδρίασιν συμμετεῖχον ἐκπρόσωποι τῶν ἐνδιαφερομένων φορέων καὶ ἐλήφθησαν ἀποφάσεις σχετικῶς μὲ τὴν ὀργάνωσιν τῶν ὑπηρεσιῶν καὶ τὴν βελτίωσιν τῶν ὅρων.

ΥΠΟ ΤΗΣ ΕΔΑ ΕΠΡΑΓΜΑΤΟΠΟΙΗΘΗΣΑΝ ΣΥΓΚΕΝΤΡΩΣΕΙΣ ΕΙΣ ΒΕΡΟΙΑΝ, ΚΑΤΕΡΙΝΗΝ, ΕΔΕΣΣΑΝ ΚΑΙ ΤΟ ΚΙΛΚΙΣ ΜΕ ΟΜΙΛΗΤΑΣ ΜΕΛΗ ΤΗΣ ΕΚΤΕΛΕΣΤΙΚΗΣ ΤΗΣ ΕΠΙΤΡΟΠΗΣ

Κατόπιν τῶν ἀνακοινώσεων τῆς ἐπιτροπῆς ἡ κίνησις συνεχίζεται κανονικῶς εἰς τὴν πόλιν. Οἱ ἀρμόδιοι ἀνεκοίνωσαν ὅτι τὰ μέτρα θὰ ἐφαρμοσθοῦν ἀπὸ τῆς προσεχοῦς ἑβδομάδος, ἐνῶ ἡ ὑπηρεσία θὰ παρακολουθῇ τὴν πορείαν τῶν ἐργασιῶν καὶ θὰ ἐνημερώσῃ τὸ κοινὸν διὰ τὰς ἐξελίξεις. Εἰς τὴν συνεδρίασιν συμμετεῖχον ἐκπρόσωποι τῶν ἐνδιαφερομένων φορέων καὶ ἐλήφθησαν ἀποφάσεις σχετικῶς μὲ τὴν ὀργάνωσιν τῶν ὑπηρεσιῶν καὶ τὴν βελτίωσιν τῶν ὅρων.

Κατόπιν τῶν ἀνακοινώσεων τῆς ἐπιτροπῆς ἡ κίνησις συνεχίζεται κανονικῶς εἰς τὴν πόλιν. Οἱ ἀρμόδιοι ἀνεκοίνωσαν ὅτι τὰ μέτρα θὰ ἐφαρμοσθοῦν ἀπὸ τῆς προσεχοῦς ἑβδομάδος, ἐνῶ ἡ ὑπηρεσία θὰ παρακολουθῇ τὴν πορείαν τῶν ἐργασιῶν καὶ θὰ ἐνημερώσῃ τὸ κοινὸν διὰ τὰς ἐξελίξεις. Εἰς τὴν συνεδρίασιν συμμετεῖχον ἐκπρόσωποι τῶν ἐνδιαφερομένων φορέων καὶ ἐλήφθησαν ἀποφάσεις σχετικῶς μὲ τὴν ὀργάνωσιν τῶν ὑπηρεσιῶν καὶ τὴν βελτίωσιν τῶν ὅρων.

Κατόπιν τῶν ἀνακοινώσεων τῆς ἐπιτροπῆς ἡ κίνησις συνεχίζεται κανονικῶς εἰς τὴν πόλιν. Οἱ ἀρμόδιοι ἀνεκοίνωσαν ὅτι τὰ μέτρα θὰ ἐφαρμοσθοῦν ἀπὸ τῆς προσεχοῦς ἑβδομάδος, ἐνῶ ἡ ὑπηρεσία θὰ παρακολουθῇ τὴν πορείαν τῶν ἐργασιῶν καὶ θὰ ἐνημερώσῃ τὸ κοινὸν διὰ τὰς ἐξελίξεις. Εἰς τὴν συνεδρίασιν συμμετεῖχον ἐκπρόσωποι τῶν ἐνδιαφερομένων φορέων καὶ ἐλήφθησαν ἀποφάσεις σχετικῶς μὲ τὴν ὀργάνωσιν τῶν ὑπηρεσιῶν καὶ τὴν βελτίωσιν τῶν ὅρων.

Κατόπιν τῶν ἀνακοινώσεων τῆς ἐπιτροπῆς ἡ κίνησις συνεχίζεται κανονικῶς εἰς τὴν πόλιν. Οἱ ἀρμόδιοι ἀνεκοίνωσαν ὅτι τὰ μέτρα θὰ ἐφαρμοσθοῦν ἀπὸ τῆς προσεχοῦς ἑβδομάδος, ἐνῶ ἡ ὑπηρεσία θὰ παρακολουθῇ τὴν πορείαν τῶν ἐργασιῶν καὶ θὰ ἐνημερώσῃ τὸ κοινὸν διὰ τὰς ἐξελίξεις. Εἰς τὴν συνεδρίασιν συμμετεῖχον ἐκπρόσωποι τῶν ἐνδιαφερομένων φορέων καὶ ἐλήφθησαν ἀποφάσεις σχετικῶς μὲ τὴν ὀργάνωσιν τῶν ὑπηρεσιῶν καὶ τὴν βελτίωσιν τῶν ὅρων.

ΤΑ ΜΕΛΗ ΠΟΛΛΩΝ ΣΩΜΑΤΕΙΩΝ ΤΗΣ ΘΕΣΣΑΛΟΝΙΚΗΣ ΚΑΤΕΡΧΟΝΤΑΙ ΤΗΝ ΠΕΜΠΤΗΝ ΕΙΣ ΑΠΕΡΓΙΑΝ ΔΙΟΤΙ ΔΕΝ ΙΚΑΝΟΠΟΙΟΥΝΤΑΙ ΒΑΣΙΚΑ ΑΙΤΗΜΑΤΑ ΤΩΝ

Κατόπιν τῶν ἀνακοινώσεων τῆς ἐπιτροπῆς ἡ κίνησις συνεχίζεται κανονικῶς εἰς τὴν πόλιν. Οἱ ἀρμόδιοι ἀνεκοίνωσαν ὅτι τὰ μέτρα θὰ ἐφαρμοσθοῦν ἀπὸ τῆς προσεχοῦς ἑβδομάδος, ἐνῶ ἡ ὑπηρεσία θὰ παρακολουθῇ τὴν πορείαν τῶν ἐργασιῶν καὶ θὰ ἐνημερώσῃ τὸ κοινὸν διὰ τὰς ἐξελίξεις. Εἰς τὴν συνεδρίασιν συμμετεῖχον ἐκπρόσωποι τῶν ἐνδιαφερομένων φορέων καὶ ἐλήφθησαν ἀποφάσεις σχετικῶς μὲ τὴν ὀργάνωσιν τῶν ὑπηρεσιῶν καὶ τὴν βελτίωσιν τῶν ὅρων.

Κατόπιν τῶν ἀνακοινώσεων τῆς ἐπιτροπῆς ἡ κίνησις συνεχίζεται κανονικῶς εἰς τὴν πόλιν. Οἱ ἀρμόδιοι ἀνεκοίνωσαν ὅτι τὰ μέτρα θὰ ἐφαρμοσθοῦν ἀπὸ τῆς προσεχοῦς ἑβδομάδος, ἐνῶ ἡ ὑπηρεσία θὰ παρακολουθῇ τὴν πορείαν τῶν ἐργασιῶν καὶ θὰ ἐνημερώσῃ τὸ κοινὸν διὰ τὰς ἐξελίξεις. Εἰς τὴν συνεδρίασιν συμμετεῖχον ἐκπρόσωποι τῶν ἐνδιαφερομένων φορέων καὶ ἐλήφθησαν ἀποφάσεις σχετικῶς μὲ τὴν ὀργάνωσιν τῶν ὑπηρεσιῶν καὶ τὴν βελτίωσιν τῶν ὅρων.

ΣΧΟΛΗ ΑΙΣΘΗΤΙΚΗΣ
ΒΟΥΤΣΑ
ΕΓΓΡΑΦΑΙ - ΠΛΗΡΟΦΟΡΙΑΙ
καὶ δι᾽ ἀλληλογραφίας
ΤΣΙΜΙΣΚΗ 97 - ΤΗΛ. 20.455 - ΘΕΣΣΑΛΟΝΙΚΗ
ΟΙΚΟΠΕΔΑ ΑΛΕΞΙΑΔΗ
ΒΑΣ. ΗΡΑΚΛΕΙΟΥ 5 - ΤΗΛ. 76.589
ΤΙΜΑΙ ΑΣΥΝΑΓΩΝΙΣΤΑΙ
ΜΕ ΜΙΑ ΕΠΙΣΚΕΨΙΝ ΘΑ ΔΙΑΠΙΣΤΩΣΕΤΕ ΤΗΝ ΔΙΑΦΟΡΑ
ΠΡΟΣΦΕΡΟΝΤΑΙ ΜΕ ΜΙΚΡΗ ΠΡΟΚΑΤΑΒΟΛΗ
ΚΑΙ ΕΙΣ ΠΟΛΛΑΣ ΔΟΣΕΙΣ
ΟΙ ΠΑΡΑΓΩΓΟΙ ΣΕΡΡΩΝ ΔΙΑΜΑΡΤΥΡΟΝΤΑΙ ΔΙΑ ΤΗΝ ΜΗ ΚΑΤΑΒΟΛΗΝ ΠΡΙΜ ΔΙΑ ΤΑ ΚΑΠΝΑ

Κατόπιν τῶν ἀνακοινώσεων τῆς ἐπιτροπῆς ἡ κίνησις συνεχίζεται κανονικῶς εἰς τὴν πόλιν. Οἱ ἀρμόδιοι ἀνεκοίνωσαν ὅτι τὰ μέτρα θὰ ἐφαρμοσθοῦν ἀπὸ τῆς προσεχοῦς ἑβδομάδος, ἐνῶ ἡ ὑπηρεσία θὰ παρακολουθῇ τὴν πορείαν τῶν ἐργασιῶν καὶ θὰ ἐνημερώσῃ τὸ κοινὸν διὰ τὰς ἐξελίξεις. Εἰς τὴν συνεδρίασιν συμμετεῖχον ἐκπρόσωποι τῶν ἐνδιαφερομένων φορέων καὶ ἐλήφθησαν ἀποφάσεις σχετικῶς μὲ τὴν ὀργάνωσιν τῶν ὑπηρεσιῶν καὶ τὴν βελτίωσιν τῶν ὅρων.

Η ΝΕΑ ΔΙΟΙΚΗΣΙΣ ΤΗΣ ΟΜΟΣΠΟΝΔΙΑΣ ΕΦΕΔΡΩΝ ΑΞΙΩΜΑΤΙΚΩΝ

Κατόπιν τῶν ἀνακοινώσεων τῆς ἐπιτροπῆς ἡ κίνησις συνεχίζεται κανονικῶς εἰς τὴν πόλιν. Οἱ ἀρμόδιοι ἀνεκοίνωσαν ὅτι τὰ μέτρα θὰ ἐφαρμοσθοῦν ἀπὸ τῆς προσεχοῦς ἑβδομάδος, ἐνῶ ἡ ὑπηρεσία θὰ παρακολουθῇ τὴν πορείαν τῶν ἐργασιῶν καὶ θὰ ἐνημερώσῃ τὸ κοινὸν διὰ τὰς ἐξελίξεις. Εἰς τὴν συνεδρίασιν συμμετεῖχον ἐκπρόσωποι τῶν ἐνδιαφερομένων φορέων καὶ ἐλήφθησαν ἀποφάσεις σχετικῶς μὲ τὴν ὀργάνωσιν τῶν ὑπηρεσιῶν καὶ τὴν βελτίωσιν τῶν ὅρων.

Η ΑΝΟΙΚΟΔΟΜΗΣΙΣ ΕΙΣ ΤΗΝ ΠΕΡΙΟΧΗΝ ΤΟΥ ΣΤΑΘΜΟΥ

Κατόπιν τῶν ἀνακοινώσεων τῆς ἐπιτροπῆς ἡ κίνησις συνεχίζεται κανονικῶς εἰς τὴν πόλιν. Οἱ ἀρμόδιοι ἀνεκοίνωσαν ὅτι τὰ μέτρα θὰ ἐφαρμοσθοῦν ἀπὸ τῆς προσεχοῦς ἑβδομάδος, ἐνῶ ἡ ὑπηρεσία θὰ παρακολουθῇ τὴν πορείαν τῶν ἐργασιῶν καὶ θὰ ἐνημερώσῃ τὸ κοινὸν διὰ τὰς ἐξελίξεις. Εἰς τὴν συνεδρίασιν συμμετεῖχον ἐκπρόσωποι τῶν ἐνδιαφερομένων φορέων καὶ ἐλήφθησαν ἀποφάσεις σχετικῶς μὲ τὴν ὀργάνωσιν τῶν ὑπηρεσιῶν καὶ τὴν βελτίωσιν τῶν ὅρων.

ΠΡΟΕΦΥΛΑΚΙΣΘΗ ΔΙΑ ΒΙΑΣΜΟΝ ΔΕΚΑΠΕΝΤΑΕΤΙΔΟΣ

Κατόπιν τῶν ἀνακοινώσεων τῆς ἐπιτροπῆς ἡ κίνησις συνεχίζεται κανονικῶς εἰς τὴν πόλιν. Οἱ ἀρμόδιοι ἀνεκοίνωσαν ὅτι τὰ μέτρα θὰ ἐφαρμοσθοῦν ἀπὸ τῆς προσεχοῦς ἑβδομάδος, ἐνῶ ἡ ὑπηρεσία θὰ παρακολουθῇ τὴν πορείαν τῶν ἐργασιῶν καὶ θὰ ἐνημερώσῃ τὸ κοινὸν διὰ τὰς ἐξελίξεις. Εἰς τὴν συνεδρίασιν συμμετεῖχον ἐκπρόσωποι τῶν ἐνδιαφερομένων φορέων καὶ ἐλήφθησαν ἀποφάσεις σχετικῶς μὲ τὴν ὀργάνωσιν τῶν ὑπηρεσιῶν καὶ τὴν βελτίωσιν τῶν ὅρων.

ΠΡΟΣ 3 ΔΡΧ. ΘΑ ΔΙΑΤΙΘΕΤΑΙ ΤΟ ΑΓΕΛΑΔΙΝΟΝ ΓΑΛΑ ΕΙΣ ΤΑ ΤΥΡΟΚΟΜΕΙΑ

Κατόπιν τῶν ἀνακοινώσεων τῆς ἐπιτροπῆς ἡ κίνησις συνεχίζεται κανονικῶς εἰς τὴν πόλιν. Οἱ ἀρμόδιοι ἀνεκοίνωσαν ὅτι τὰ μέτρα θὰ ἐφαρμοσθοῦν ἀπὸ τῆς προσεχοῦς ἑβδομάδος, ἐνῶ ἡ ὑπηρεσία θὰ παρακολουθῇ τὴν πορείαν τῶν ἐργασιῶν καὶ θὰ ἐνημερώσῃ τὸ κοινὸν διὰ τὰς ἐξελίξεις. Εἰς τὴν συνεδρίασιν συμμετεῖχον ἐκπρόσωποι τῶν ἐνδιαφερομένων φορέων καὶ ἐλήφθησαν ἀποφάσεις σχετικῶς μὲ τὴν ὀργάνωσιν τῶν ὑπηρεσιῶν καὶ τὴν βελτίωσιν τῶν ὅρων.

ΤΑ ΤΑΧΥΔΡΟΜΕΙΑ ΘΑ ΕΚΣΥΓΧΡΟΝΙΣΘΟΥΝ

Κατόπιν τῶν ἀνακοινώσεων τῆς ἐπιτροπῆς ἡ κίνησις συνεχίζεται κανονικῶς εἰς τὴν πόλιν. Οἱ ἀρμόδιοι ἀνεκοίνωσαν ὅτι τὰ μέτρα θὰ ἐφαρμοσθοῦν ἀπὸ τῆς προσεχοῦς ἑβδομάδος, ἐνῶ ἡ ὑπηρεσία θὰ παρακολουθῇ τὴν πορείαν τῶν ἐργασιῶν καὶ θὰ ἐνημερώσῃ τὸ κοινὸν διὰ τὰς ἐξελίξεις. Εἰς τὴν συνεδρίασιν συμμετεῖχον ἐκπρόσωποι τῶν ἐνδιαφερομένων φορέων καὶ ἐλήφθησαν ἀποφάσεις σχετικῶς μὲ τὴν ὀργάνωσιν τῶν ὑπηρεσιῶν καὶ τὴν βελτίωσιν τῶν ὅρων.

ΣΥΝΕΔΡΙΑΣΘΗ ΔΙΑ ΚΛΟΠΑΣ
ΤΟ ΣΥΝΕΔΡΙΟΝ ΤΩΝ ΠΡΟΣΚΟΠΩΝ
ΤΥΧΕΡΟΙ ΤΟΥ ΛΑΧΕΙΟΥ
ΛΑΪΚΟΝ ΛΑΧΕΙΟΝ
ΛΑΪΚΟΝ ΛΑΧΕΙΟΝ
300.000	δρχ.
200.000	δρχ.
100.000	δρχ.
50.000	δρχ.
10.000	δρχ.
ΠΑΝΕΛΛΗΝΙΟΝ ΧΑΡΑΚΤΗΡΟΣ

Κατόπιν τῶν ἀνακοινώσεων τῆς ἐπιτροπῆς ἡ κίνησις συνεχίζεται κανονικῶς εἰς τὴν πόλιν. Οἱ ἀρμόδιοι ἀνεκοίνωσαν ὅτι τὰ μέτρα θὰ ἐφαρμοσθοῦν ἀπὸ τῆς προσεχοῦς ἑβδομάδος, ἐνῶ ἡ ὑπηρεσία θὰ παρακολουθῇ τὴν πορείαν τῶν ἐργασιῶν καὶ θὰ ἐνημερώσῃ τὸ κοινὸν διὰ τὰς ἐξελίξεις. Εἰς τὴν συνεδρίασιν συμμετεῖχον ἐκπρόσωποι τῶν ἐνδιαφερομένων φορέων καὶ ἐλήφθησαν ἀποφάσεις σχετικῶς μὲ τὴν ὀργάνωσιν τῶν ὑπηρεσιῶν καὶ τὴν βελτίωσιν τῶν ὅρων.

Περονοφόροι
Φορτωταί
MANITOU
ἀνυψώσεως δι᾽ ὅλας τὰς ἐργασίας
ΒΒΑΣΟΣ
ΑΘΗΝΑΙ: ΛΕΩΦΟΡΟΣ ΑΘΗΝΩΝ 165 · ΤΗΛΕΦ. ΚΕΝΤΡΟΝ 561.021
ΣΕΛΙΣ 7
Η σπουδάζουσα νεολαία
Τμηματικαὶ τοῦ ἐμπορευμάτου δικαίου
Ἐργαστηριακαὶ ἀσκήσεις μετεωρολογίας
ΤΑ ΓΑΛΛΙΚΑ ΟΠΕ.— ΕΞΕΤΑΣΕΙΣ ΟΥΡΟΛΟΓΙΑΣ.— Η ΠΑΙΔΙΑΤΡΙΚΗ ΚΛΙΝΙΚΗ.— ΤΟ ΡΩΜΑΪΚΟΝ ΔΙΚΑΙΟΝ.— Η ΒΙΟΜΗΧΑΝΙΚΗ ΣΧΟΛΗ.— ΔΙΑΜΑΡΤΥΡΙΑ ΓΟΝΕΩΝ ΤΩΝ ΥΠΟΨΗΦΙΩΝ ΦΟΙΤΗΤΩΝ.— ΤΑ «ΠΑΒΕΑ» ΤΩΝ ΣΠΟΥΔΑΣΤΩΝ «ΕΥΚΛΕΙΔΗ»

Κατόπιν τῶν ἀνακοινώσεων τῆς ἐπιτροπῆς ἡ κίνησις συνεχίζεται κανονικῶς εἰς τὴν πόλιν. Οἱ ἀρμόδιοι ἀνεκοίνωσαν ὅτι τὰ μέτρα θὰ ἐφαρμοσθοῦν ἀπὸ τῆς προσεχοῦς ἑβδομάδος, ἐνῶ ἡ ὑπηρεσία θὰ παρακολουθῇ τὴν πορείαν τῶν ἐργασιῶν καὶ θὰ ἐνημερώσῃ τὸ κοινὸν διὰ τὰς ἐξελίξεις. Εἰς τὴν συνεδρίασιν συμμετεῖχον ἐκπρόσωποι τῶν ἐνδιαφερομένων φορέων καὶ ἐλήφθησαν ἀποφάσεις σχετικῶς μὲ τὴν ὀργάνωσιν τῶν ὑπηρεσιῶν καὶ τὴν βελτίωσιν τῶν ὅρων.

Κατόπιν τῶν ἀνακοινώσεων τῆς ἐπιτροπῆς ἡ κίνησις συνεχίζεται κανονικῶς εἰς τὴν πόλιν. Οἱ ἀρμόδιοι ἀνεκοίνωσαν ὅτι τὰ μέτρα θὰ ἐφαρμοσθοῦν ἀπὸ τῆς προσεχοῦς ἑβδομάδος, ἐνῶ ἡ ὑπηρεσία θὰ παρακολουθῇ τὴν πορείαν τῶν ἐργασιῶν καὶ θὰ ἐνημερώσῃ τὸ κοινὸν διὰ τὰς ἐξελίξεις. Εἰς τὴν συνεδρίασιν συμμετεῖχον ἐκπρόσωποι τῶν ἐνδιαφερομένων φορέων καὶ ἐλήφθησαν ἀποφάσεις σχετικῶς μὲ τὴν ὀργάνωσιν τῶν ὑπηρεσιῶν καὶ τὴν βελτίωσιν τῶν ὅρων.

Κατόπιν τῶν ἀνακοινώσεων τῆς ἐπιτροπῆς ἡ κίνησις συνεχίζεται κανονικῶς εἰς τὴν πόλιν. Οἱ ἀρμόδιοι ἀνεκοίνωσαν ὅτι τὰ μέτρα θὰ ἐφαρμοσθοῦν ἀπὸ τῆς προσεχοῦς ἑβδομάδος, ἐνῶ ἡ ὑπηρεσία θὰ παρακολουθῇ τὴν πορείαν τῶν ἐργασιῶν καὶ θὰ ἐνημερώσῃ τὸ κοινὸν διὰ τὰς ἐξελίξεις. Εἰς τὴν συνεδρίασιν συμμετεῖχον ἐκπρόσωποι τῶν ἐνδιαφερομένων φορέων καὶ ἐλήφθησαν ἀποφάσεις σχετικῶς μὲ τὴν ὀργάνωσιν τῶν ὑπηρεσιῶν καὶ τὴν βελτίωσιν τῶν ὅρων.

Κατόπιν τῶν ἀνακοινώσεων τῆς ἐπιτροπῆς ἡ κίνησις συνεχίζεται κανονικῶς εἰς τὴν πόλιν. Οἱ ἀρμόδιοι ἀνεκοίνωσαν ὅτι τὰ μέτρα θὰ ἐφαρμοσθοῦν ἀπὸ τῆς προσεχοῦς ἑβδομάδος, ἐνῶ ἡ ὑπηρεσία θὰ παρακολουθῇ τὴν πορείαν τῶν ἐργασιῶν καὶ θὰ ἐνημερώσῃ τὸ κοινὸν διὰ τὰς ἐξελίξεις. Εἰς τὴν συνεδρίασιν συμμετεῖχον ἐκπρόσωποι τῶν ἐνδιαφερομένων φορέων καὶ ἐλήφθησαν ἀποφάσεις σχετικῶς μὲ τὴν ὀργάνωσιν τῶν ὑπηρεσιῶν καὶ τὴν βελτίωσιν τῶν ὅρων.

Κατόπιν τῶν ἀνακοινώσεων τῆς ἐπιτροπῆς ἡ κίνησις συνεχίζεται κανονικῶς εἰς τὴν πόλιν. Οἱ ἀρμόδιοι ἀνεκοίνωσαν ὅτι τὰ μέτρα θὰ ἐφαρμοσθοῦν ἀπὸ τῆς προσεχοῦς ἑβδομάδος, ἐνῶ ἡ ὑπηρεσία θὰ παρακολουθῇ τὴν πορείαν τῶν ἐργασιῶν καὶ θὰ ἐνημερώσῃ τὸ κοινὸν διὰ τὰς ἐξελίξεις. Εἰς τὴν συνεδρίασιν συμμετεῖχον ἐκπρόσωποι τῶν ἐνδιαφερομένων φορέων καὶ ἐλήφθησαν ἀποφάσεις σχετικῶς μὲ τὴν ὀργάνωσιν τῶν ὑπηρεσιῶν καὶ τὴν βελτίωσιν τῶν ὅρων.

Κατόπιν τῶν ἀνακοινώσεων τῆς ἐπιτροπῆς ἡ κίνησις συνεχίζεται κανονικῶς εἰς τὴν πόλιν. Οἱ ἀρμόδιοι ἀνεκοίνωσαν ὅτι τὰ μέτρα θὰ ἐφαρμοσθοῦν ἀπὸ τῆς προσεχοῦς ἑβδομάδος, ἐνῶ ἡ ὑπηρεσία θὰ παρακολουθῇ τὴν πορείαν τῶν ἐργασιῶν καὶ θὰ ἐνημερώσῃ τὸ κοινὸν διὰ τὰς ἐξελίξεις. Εἰς τὴν συνεδρίασιν συμμετεῖχον ἐκπρόσωποι τῶν ἐνδιαφερομένων φορέων καὶ ἐλήφθησαν ἀποφάσεις σχετικῶς μὲ τὴν ὀργάνωσιν τῶν ὑπηρεσιῶν καὶ τὴν βελτίωσιν τῶν ὅρων.

Κατόπιν τῶν ἀνακοινώσεων τῆς ἐπιτροπῆς ἡ κίνησις συνεχίζεται κανονικῶς εἰς τὴν πόλιν. Οἱ ἀρμόδιοι ἀνεκοίνωσαν ὅτι τὰ μέτρα θὰ ἐφαρμοσθοῦν ἀπὸ τῆς προσεχοῦς ἑβδομάδος, ἐνῶ ἡ ὑπηρεσία θὰ παρακολουθῇ τὴν πορείαν τῶν ἐργασιῶν καὶ θὰ ἐνημερώσῃ τὸ κοινὸν διὰ τὰς ἐξελίξεις. Εἰς τὴν συνεδρίασιν συμμετεῖχον ἐκπρόσωποι τῶν ἐνδιαφερομένων φορέων καὶ ἐλήφθησαν ἀποφάσεις σχετικῶς μὲ τὴν ὀργάνωσιν τῶν ὑπηρεσιῶν καὶ τὴν βελτίωσιν τῶν ὅρων.

Κατόπιν τῶν ἀνακοινώσεων τῆς ἐπιτροπῆς ἡ κίνησις συνεχίζεται κανονικῶς εἰς τὴν πόλιν. Οἱ ἀρμόδιοι ἀνεκοίνωσαν ὅτι τὰ μέτρα θὰ ἐφαρμοσθοῦν ἀπὸ τῆς προσεχοῦς ἑβδομάδος, ἐνῶ ἡ ὑπηρεσία θὰ παρακολουθῇ τὴν πορείαν τῶν ἐργασιῶν καὶ θὰ ἐνημερώσῃ τὸ κοινὸν διὰ τὰς ἐξελίξεις. Εἰς τὴν συνεδρίασιν συμμετεῖχον ἐκπρόσωποι τῶν ἐνδιαφερομένων φορέων καὶ ἐλήφθησαν ἀποφάσεις σχετικῶς μὲ τὴν ὀργάνωσιν τῶν ὑπηρεσιῶν καὶ τὴν βελτίωσιν τῶν ὅρων.

Ο ΥΠΟΥΡΓΟΣ ΤΗΣ ΕΡΓΑΣΙΑΣ ΕΘΕΜΕΛΙΩΣΕΝ ΕΡΓΑΤΙΚΑΣ ΚΑΤΟΙΚΙΑΣ ΕΙΣ ΤΗΝ ΝΕΑΝ ΚΡΗΝΗΝ
ΔΗΛΩΣΕΙΣ ΔΙΑ ΤΑΣ ΚΟΙΝΩΝΙΚΑΣ ΑΣΦΑΛΕΙΑΣ

Κατόπιν τῶν ἀνακοινώσεων τῆς ἐπιτροπῆς ἡ κίνησις συνεχίζεται κανονικῶς εἰς τὴν πόλιν. Οἱ ἀρμόδιοι ἀνεκοίνωσαν ὅτι τὰ μέτρα θὰ ἐφαρμοσθοῦν ἀπὸ τῆς προσεχοῦς ἑβδομάδος, ἐνῶ ἡ ὑπηρεσία θὰ παρακολουθῇ τὴν πορείαν τῶν ἐργασιῶν καὶ θὰ ἐνημερώσῃ τὸ κοινὸν διὰ τὰς ἐξελίξεις. Εἰς τὴν συνεδρίασιν συμμετεῖχον ἐκπρόσωποι τῶν ἐνδιαφερομένων φορέων καὶ ἐλήφθησαν ἀποφάσεις σχετικῶς μὲ τὴν ὀργάνωσιν τῶν ὑπηρεσιῶν καὶ τὴν βελτίωσιν τῶν ὅρων.

Κατόπιν τῶν ἀνακοινώσεων τῆς ἐπιτροπῆς ἡ κίνησις συνεχίζεται κανονικῶς εἰς τὴν πόλιν. Οἱ ἀρμόδιοι ἀνεκοίνωσαν ὅτι τὰ μέτρα θὰ ἐφαρμοσθοῦν ἀπὸ τῆς προσεχοῦς ἑβδομάδος, ἐνῶ ἡ ὑπηρεσία θὰ παρακολουθῇ τὴν πορείαν τῶν ἐργασιῶν καὶ θὰ ἐνημερώσῃ τὸ κοινὸν διὰ τὰς ἐξελίξεις. Εἰς τὴν συνεδρίασιν συμμετεῖχον ἐκπρόσωποι τῶν ἐνδιαφερομένων φορέων καὶ ἐλήφθησαν ἀποφάσεις σχετικῶς μὲ τὴν ὀργάνωσιν τῶν ὑπηρεσιῶν καὶ τὴν βελτίωσιν τῶν ὅρων.

Κατόπιν τῶν ἀνακοινώσεων τῆς ἐπιτροπῆς ἡ κίνησις συνεχίζεται κανονικῶς εἰς τὴν πόλιν. Οἱ ἀρμόδιοι ἀνεκοίνωσαν ὅτι τὰ μέτρα θὰ ἐφαρμοσθοῦν ἀπὸ τῆς προσεχοῦς ἑβδομάδος, ἐνῶ ἡ ὑπηρεσία θὰ παρακολουθῇ τὴν πορείαν τῶν ἐργασιῶν καὶ θὰ ἐνημερώσῃ τὸ κοινὸν διὰ τὰς ἐξελίξεις. Εἰς τὴν συνεδρίασιν συμμετεῖχον ἐκπρόσωποι τῶν ἐνδιαφερομένων φορέων καὶ ἐλήφθησαν ἀποφάσεις σχετικῶς μὲ τὴν ὀργάνωσιν τῶν ὑπηρεσιῶν καὶ τὴν βελτίωσιν τῶν ὅρων.

Κατόπιν τῶν ἀνακοινώσεων τῆς ἐπιτροπῆς ἡ κίνησις συνεχίζεται κανονικῶς εἰς τὴν πόλιν. Οἱ ἀρμόδιοι ἀνεκοίνωσαν ὅτι τὰ μέτρα θὰ ἐφαρμοσθοῦν ἀπὸ τῆς προσεχοῦς ἑβδομάδος, ἐνῶ ἡ ὑπηρεσία θὰ παρακολουθῇ τὴν πορείαν τῶν ἐργασιῶν καὶ θὰ ἐνημερώσῃ τὸ κοινὸν διὰ τὰς ἐξελίξεις. Εἰς τὴν συνεδρίασιν συμμετεῖχον ἐκπρόσωποι τῶν ἐνδιαφερομένων φορέων καὶ ἐλήφθησαν ἀποφάσεις σχετικῶς μὲ τὴν ὀργάνωσιν τῶν ὑπηρεσιῶν καὶ τὴν βελτίωσιν τῶν ὅρων.

Κατόπιν τῶν ἀνακοινώσεων τῆς ἐπιτροπῆς ἡ κίνησις συνεχίζεται κανονικῶς εἰς τὴν πόλιν. Οἱ ἀρμόδιοι ἀνεκοίνωσαν ὅτι τὰ μέτρα θὰ ἐφαρμοσθοῦν ἀπὸ τῆς προσεχοῦς ἑβδομάδος, ἐνῶ ἡ ὑπηρεσία θὰ παρακολουθῇ τὴν πορείαν τῶν ἐργασιῶν καὶ θὰ ἐνημερώσῃ τὸ κοινὸν διὰ τὰς ἐξελίξεις. Εἰς τὴν συνεδρίασιν συμμετεῖχον ἐκπρόσωποι τῶν ἐνδιαφερομένων φορέων καὶ ἐλήφθησαν ἀποφάσεις σχετικῶς μὲ τὴν ὀργάνωσιν τῶν ὑπηρεσιῶν καὶ τὴν βελτίωσιν τῶν ὅρων.

ΑΙ ΑΠΟΔΡΑΣΤΗΡΕΣ ΕΠΙ ΤΗΣ ΑΝΑΔΙΟΡΓΑΝΩΣΕΩΣ ΤΗΣ ΔΙΟΙΚΗΣΕΩΣ

Κατόπιν τῶν ἀνακοινώσεων τῆς ἐπιτροπῆς ἡ κίνησις συνεχίζεται κανονικῶς εἰς τὴν πόλιν. Οἱ ἀρμόδιοι ἀνεκοίνωσαν ὅτι τὰ μέτρα θὰ ἐφαρμοσθοῦν ἀπὸ τῆς προσεχοῦς ἑβδομάδος, ἐνῶ ἡ ὑπηρεσία θὰ παρακολουθῇ τὴν πορείαν τῶν ἐργασιῶν καὶ θὰ ἐνημερώσῃ τὸ κοινὸν διὰ τὰς ἐξελίξεις. Εἰς τὴν συνεδρίασιν συμμετεῖχον ἐκπρόσωποι τῶν ἐνδιαφερομένων φορέων καὶ ἐλήφθησαν ἀποφάσεις σχετικῶς μὲ τὴν ὀργάνωσιν τῶν ὑπηρεσιῶν καὶ τὴν βελτίωσιν τῶν ὅρων.

ΑΝΑΚΟΙΝΩΣΙΣ
ΠΡΟΣ ΑΠΑΝΤΑ ΤΑ ΣΥΝΕΡΓΕΙΑ ΑΥΤΟΚΙΝΗΤΩΝ ΚΑΙ ΚΑΤΑΣΤΗΜΑΤΑ ΑΝΤΑΛΛΑΚΤΙΚΩΝ ΑΥΤΟΚΙΝΗΤΩΝ
Σᾶς γνωρίζομεν ὅτι ἤρχισε ἡ λειτουργία τοῦ ἐν Θεσσαλονίκῃ ὑποκαταστήματός μας, Ἠπ. Ὀλγας 64, τηλ. 83-182 ἀπὸ ὅπου δύνασθε νὰ προμηθεύεσθε ΓΝΗΣΙΑ ΗΛΕΚΤΡΙΚΑ ΕΞΑΡΤΗΜΑΤΑ S.E.V. MARCHAL διὰ τὰ ἑξῆς αὐτοκίνητα: ΡΕΝΩ, ΠΑΝΑΡ, ΣΙΜΚΑ, ΣΙΤΡΟΕΝ.
Διατελοῦμεν πρόθυμοι
"ΕΛΔΑ" Α.Ε.
Ὑποκατάστημα Βορ. Ἑλλάδος
Λεωφ. Βασ. Ὄλγας 64, τηλ. 83-182 ΘΕΣΣΑΛΟΝΙΚΗ
